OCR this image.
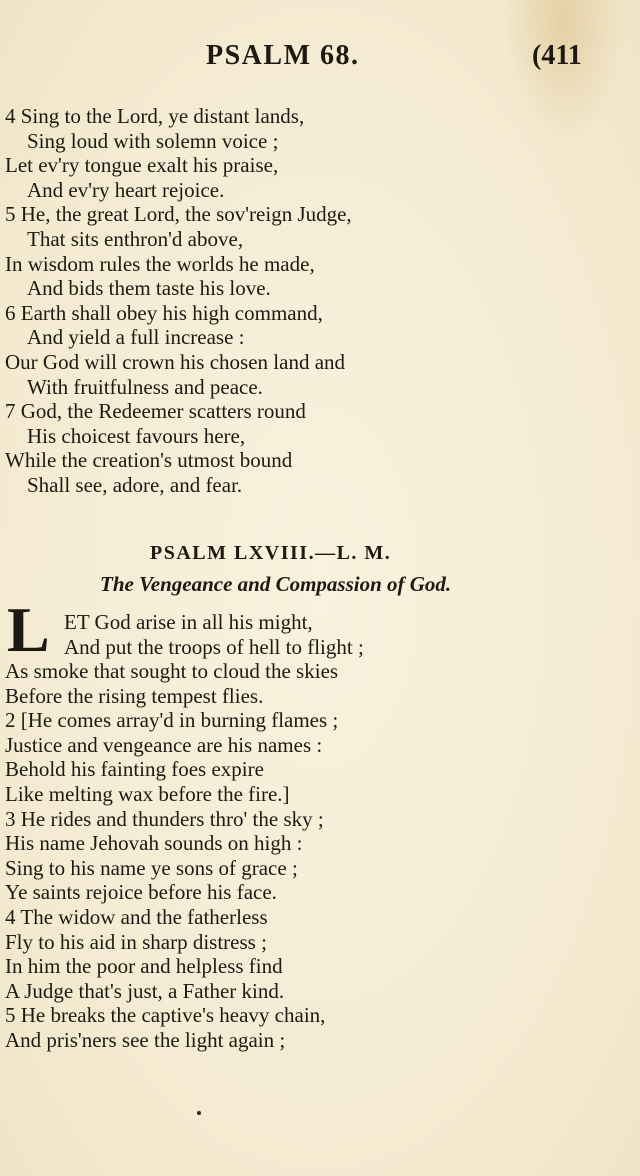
PSALM 68.	(411
4 Sing to the Lord, ye distant lands,
Sing loud with solemn voice ;
Let ev'ry tongue exalt his praise,
And ev'ry heart rejoice.
5 He, the great Lord, the sov'reign Judge,
That sits enthron'd above,
In wisdom rules the worlds he made,
And bids them taste his love.
6 Earth shall obey his high command,
And yield a full increase :
Our God will crown his chosen land and
With fruitfulness and peace.
7 God, the Redeemer scatters round
His choicest favours here,
While the creation's utmost bound
Shall see, adore, and fear.
PSALM LXVIII.—L. M.
The Vengeance and Compassion of God.
L ET God arise in all his might,
And put the troops of hell to flight ;
As smoke that sought to cloud the skies
Before the rising tempest flies.
2 [He comes array'd in burning flames ;
Justice and vengeance are his names :
Behold his fainting foes expire
Like melting wax before the fire.]
3 He rides and thunders thro' the sky ;
His name Jehovah sounds on high :
Sing to his name ye sons of grace ;
Ye saints rejoice before his face.
4 The widow and the fatherless
Fly to his aid in sharp distress ;
In him the poor and helpless find
A Judge that's just, a Father kind.
5 He breaks the captive's heavy chain,
And pris'ners see the light again ;
